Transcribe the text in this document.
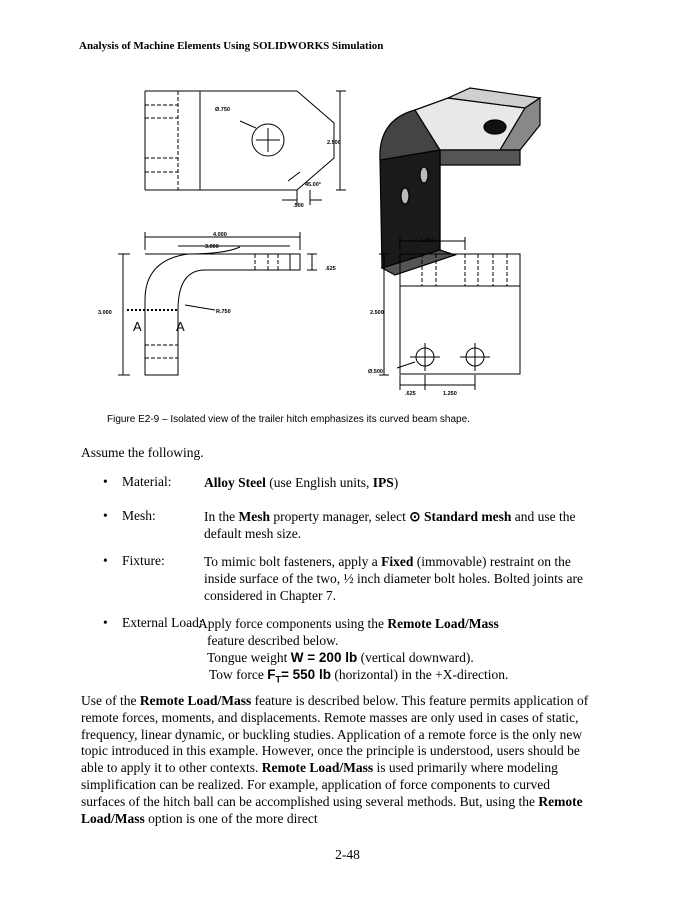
Analysis of Machine Elements Using SOLIDWORKS Simulation
Ø.750
2.500
45.00°
.500
4.000
3.000
.625
3.000	R.750
1.250
2.500
Ø.500
.625	1.250
A	A
Figure E2-9 – Isolated view of the trailer hitch emphasizes its curved beam shape.
Assume the following.
• Material: Alloy Steel (use English units, IPS)
• Mesh:	In the Mesh property manager, select ⊙ Standard mesh and use the default mesh size.
• Fixture:	To mimic bolt fasteners, apply a Fixed (immovable) restraint on the inside surface of the two, ½ inch diameter bolt holes. Bolted joints are considered in Chapter 7.
• External Load:
Apply force components using the Remote Load/Mass
feature described below.
Tongue weight W = 200 lb (vertical downward).
Tow force $F_T= 550$ lb (horizontal) in the +X-direction.
Use of the Remote Load/Mass feature is described below. This feature permits application of remote forces, moments, and displacements. Remote masses are only used in cases of static, frequency, linear dynamic, or buckling studies. Application of a remote force is the only new topic introduced in this example. However, once the principle is understood, users should be able to apply it to other contexts. Remote Load/Mass is used primarily where modeling simplification can be realized. For example, application of force components to curved surfaces of the hitch ball can be accomplished using several methods. But, using the Remote Load/Mass option is one of the more direct
2-48
